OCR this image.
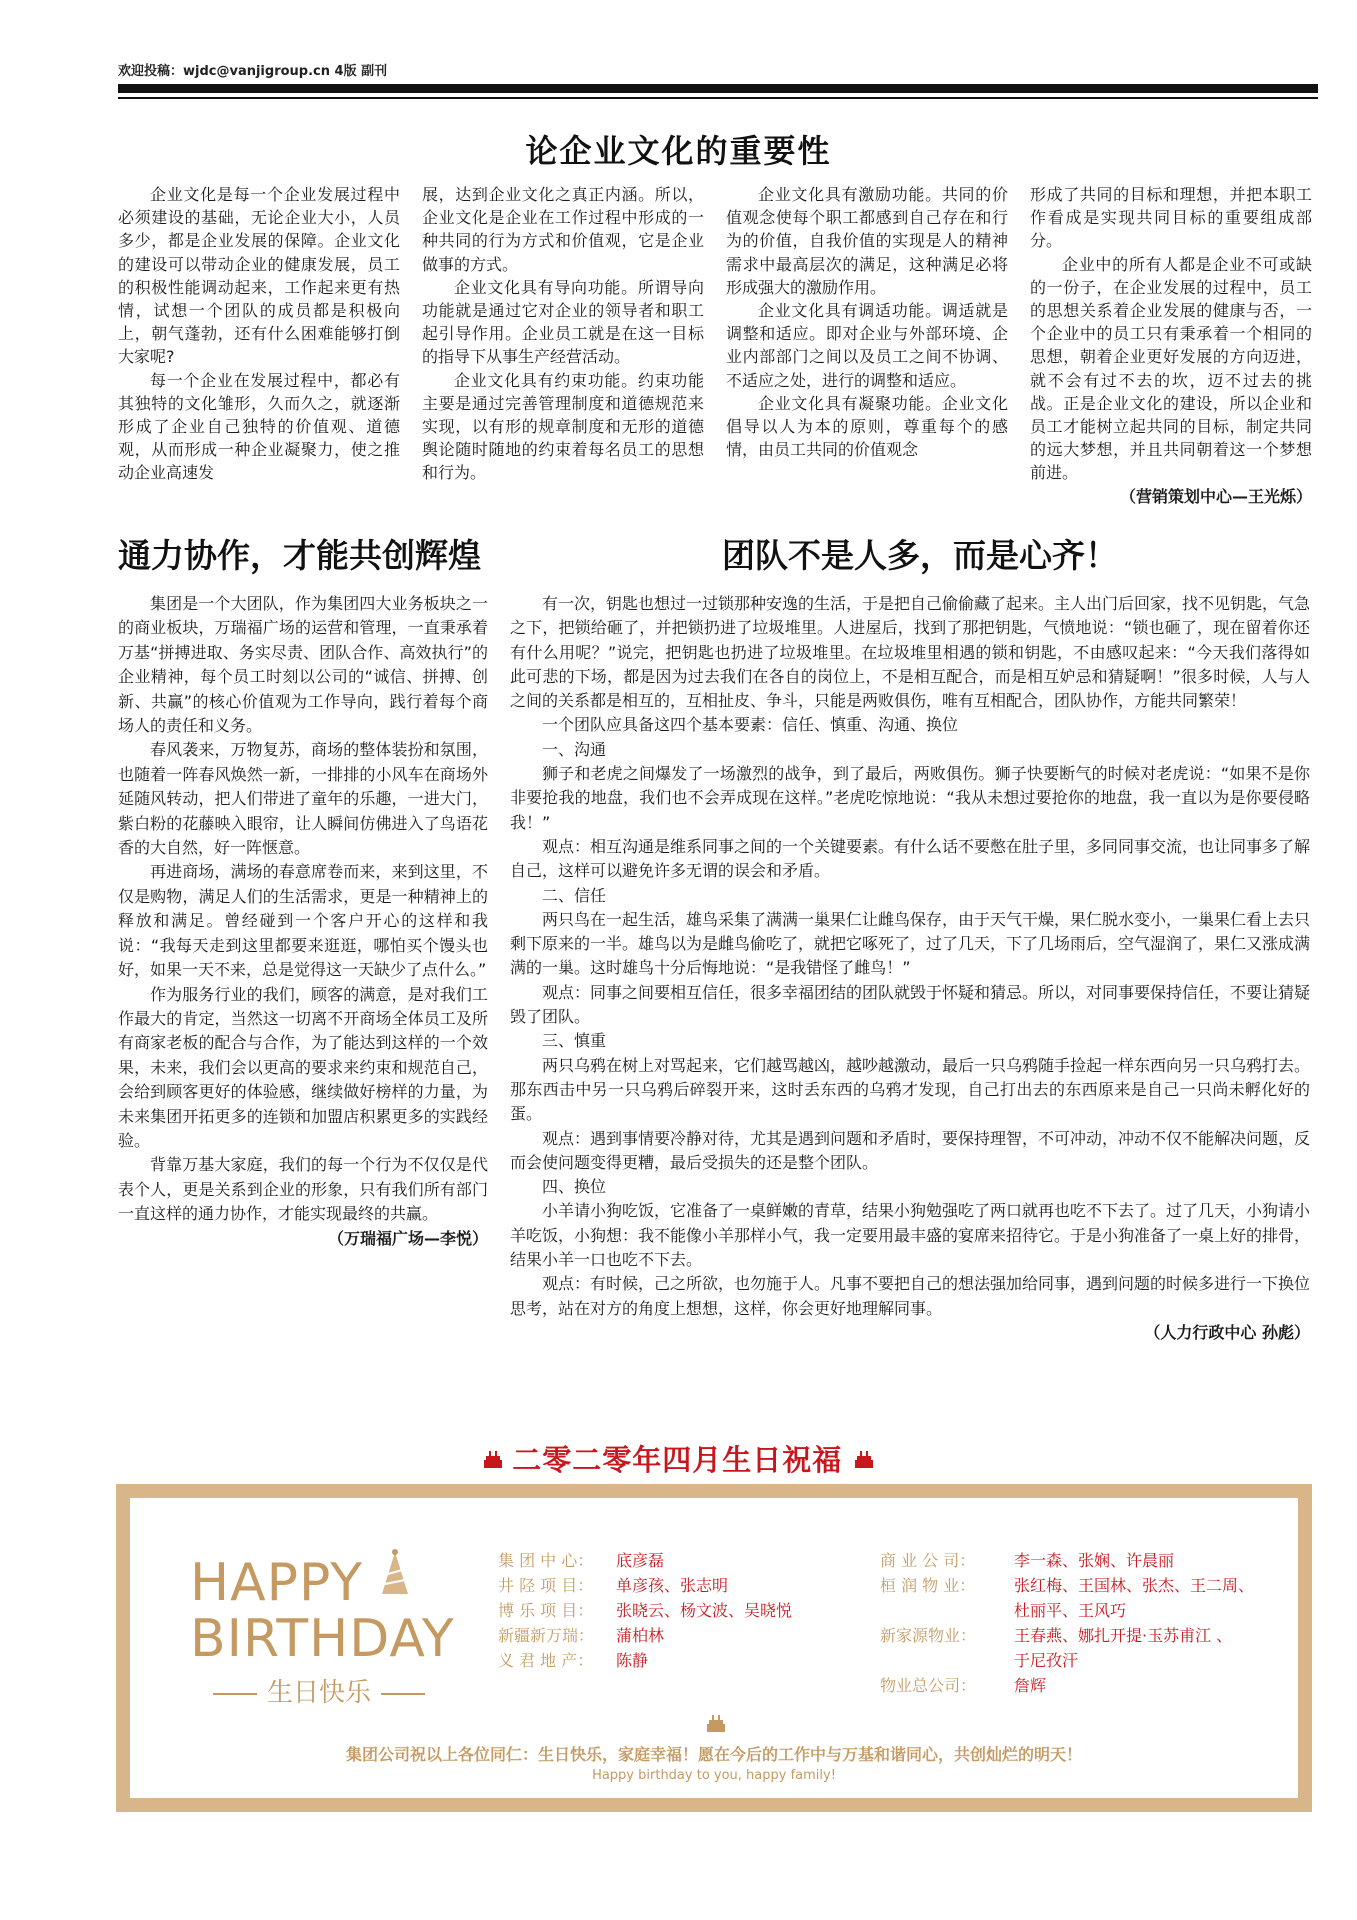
欢迎投稿：wjdc@vanjigroup.cn 4版 副刊
论企业文化的重要性

企业文化是每一个企业发展过程中必须建设的基础，无论企业大小，人员多少，都是企业发展的保障。企业文化的建设可以带动企业的健康发展，员工的积极性能调动起来，工作起来更有热情，试想一个团队的成员都是积极向上，朝气蓬勃，还有什么困难能够打倒大家呢?

每一个企业在发展过程中，都必有其独特的文化雏形，久而久之，就逐渐形成了企业自己独特的价值观、道德观，从而形成一种企业凝聚力，使之推动企业高速发

展，达到企业文化之真正内涵。所以，企业文化是企业在工作过程中形成的一种共同的行为方式和价值观，它是企业做事的方式。

企业文化具有导向功能。所谓导向功能就是通过它对企业的领导者和职工起引导作用。企业员工就是在这一目标的指导下从事生产经营活动。

企业文化具有约束功能。约束功能主要是通过完善管理制度和道德规范来实现，以有形的规章制度和无形的道德舆论随时随地的约束着每名员工的思想和行为。

企业文化具有激励功能。共同的价值观念使每个职工都感到自己存在和行为的价值，自我价值的实现是人的精神需求中最高层次的满足，这种满足必将形成强大的激励作用。

企业文化具有调适功能。调适就是调整和适应。即对企业与外部环境、企业内部部门之间以及员工之间不协调、不适应之处，进行的调整和适应。

企业文化具有凝聚功能。企业文化倡导以人为本的原则，尊重每个的感情，由员工共同的价值观念

形成了共同的目标和理想，并把本职工作看成是实现共同目标的重要组成部分。

企业中的所有人都是企业不可或缺的一份子，在企业发展的过程中，员工的思想关系着企业发展的健康与否，一个企业中的员工只有秉承着一个相同的思想，朝着企业更好发展的方向迈进，就不会有过不去的坎，迈不过去的挑战。正是企业文化的建设，所以企业和员工才能树立起共同的目标，制定共同的远大梦想，并且共同朝着这一个梦想前进。

（营销策划中心—王光烁）

通力协作，才能共创辉煌

集团是一个大团队，作为集团四大业务板块之一的商业板块，万瑞福广场的运营和管理，一直秉承着万基“拼搏进取、务实尽责、团队合作、高效执行”的企业精神，每个员工时刻以公司的“诚信、拼搏、创新、共赢”的核心价值观为工作导向，践行着每个商场人的责任和义务。

春风袭来，万物复苏，商场的整体装扮和氛围，也随着一阵春风焕然一新，一排排的小风车在商场外延随风转动，把人们带进了童年的乐趣，一进大门，紫白粉的花藤映入眼帘，让人瞬间仿佛进入了鸟语花香的大自然，好一阵惬意。

再进商场，满场的春意席卷而来，来到这里，不仅是购物，满足人们的生活需求，更是一种精神上的释放和满足。曾经碰到一个客户开心的这样和我说：“我每天走到这里都要来逛逛，哪怕买个馒头也好，如果一天不来，总是觉得这一天缺少了点什么。”

作为服务行业的我们，顾客的满意，是对我们工作最大的肯定，当然这一切离不开商场全体员工及所有商家老板的配合与合作，为了能达到这样的一个效果，未来，我们会以更高的要求来约束和规范自己，会给到顾客更好的体验感，继续做好榜样的力量，为未来集团开拓更多的连锁和加盟店积累更多的实践经验。

背靠万基大家庭，我们的每一个行为不仅仅是代表个人，更是关系到企业的形象，只有我们所有部门一直这样的通力协作，才能实现最终的共赢。

（万瑞福广场—李悦）

团队不是人多，而是心齐！

有一次，钥匙也想过一过锁那种安逸的生活，于是把自己偷偷藏了起来。主人出门后回家，找不见钥匙，气急之下，把锁给砸了，并把锁扔进了垃圾堆里。人进屋后，找到了那把钥匙，气愤地说：“锁也砸了，现在留着你还有什么用呢？”说完，把钥匙也扔进了垃圾堆里。在垃圾堆里相遇的锁和钥匙，不由感叹起来：“今天我们落得如此可悲的下场，都是因为过去我们在各自的岗位上，不是相互配合，而是相互妒忌和猜疑啊！”很多时候，人与人之间的关系都是相互的，互相扯皮、争斗，只能是两败俱伤，唯有互相配合，团队协作，方能共同繁荣！

一个团队应具备这四个基本要素：信任、慎重、沟通、换位

一、沟通

狮子和老虎之间爆发了一场激烈的战争，到了最后，两败俱伤。狮子快要断气的时候对老虎说：“如果不是你非要抢我的地盘，我们也不会弄成现在这样。”老虎吃惊地说：“我从未想过要抢你的地盘，我一直以为是你要侵略我！”

观点：相互沟通是维系同事之间的一个关键要素。有什么话不要憋在肚子里，多同同事交流，也让同事多了解自己，这样可以避免许多无谓的误会和矛盾。

二、信任

两只鸟在一起生活，雄鸟采集了满满一巢果仁让雌鸟保存，由于天气干燥，果仁脱水变小，一巢果仁看上去只剩下原来的一半。雄鸟以为是雌鸟偷吃了，就把它啄死了，过了几天，下了几场雨后，空气湿润了，果仁又涨成满满的一巢。这时雄鸟十分后悔地说：“是我错怪了雌鸟！”

观点：同事之间要相互信任，很多幸福团结的团队就毁于怀疑和猜忌。所以，对同事要保持信任，不要让猜疑毁了团队。

三、慎重

两只乌鸦在树上对骂起来，它们越骂越凶，越吵越激动，最后一只乌鸦随手捡起一样东西向另一只乌鸦打去。那东西击中另一只乌鸦后碎裂开来，这时丢东西的乌鸦才发现，自己打出去的东西原来是自己一只尚未孵化好的蛋。

观点：遇到事情要冷静对待，尤其是遇到问题和矛盾时，要保持理智，不可冲动，冲动不仅不能解决问题，反而会使问题变得更糟，最后受损失的还是整个团队。

四、换位

小羊请小狗吃饭，它准备了一桌鲜嫩的青草，结果小狗勉强吃了两口就再也吃不下去了。过了几天，小狗请小羊吃饭，小狗想：我不能像小羊那样小气，我一定要用最丰盛的宴席来招待它。于是小狗准备了一桌上好的排骨，结果小羊一口也吃不下去。

观点：有时候，己之所欲，也勿施于人。凡事不要把自己的想法强加给同事，遇到问题的时候多进行一下换位思考，站在对方的角度上想想，这样，你会更好地理解同事。

（人力行政中心 孙彪）

二零二零年四月生日祝福
HAPPY
BIRTHDAY
生日快乐
集 团 中 心： 底彦磊
井 陉 项 目： 单彦孩、张志明
博 乐 项 目： 张晓云、杨文波、吴晓悦
新疆新万瑞： 蒲柏林
义 君 地 产： 陈静
商 业 公 司： 李一森、张娴、许晨丽
桓 润 物 业： 张红梅、王国林、张杰、王二周、
杜丽平、王风巧
新家源物业： 王春燕、娜扎开提·玉苏甫江 、
于尼孜汗
物业总公司： 詹辉
集团公司祝以上各位同仁：生日快乐，家庭幸福！愿在今后的工作中与万基和谐同心，共创灿烂的明天！
Happy birthday to you, happy family!
